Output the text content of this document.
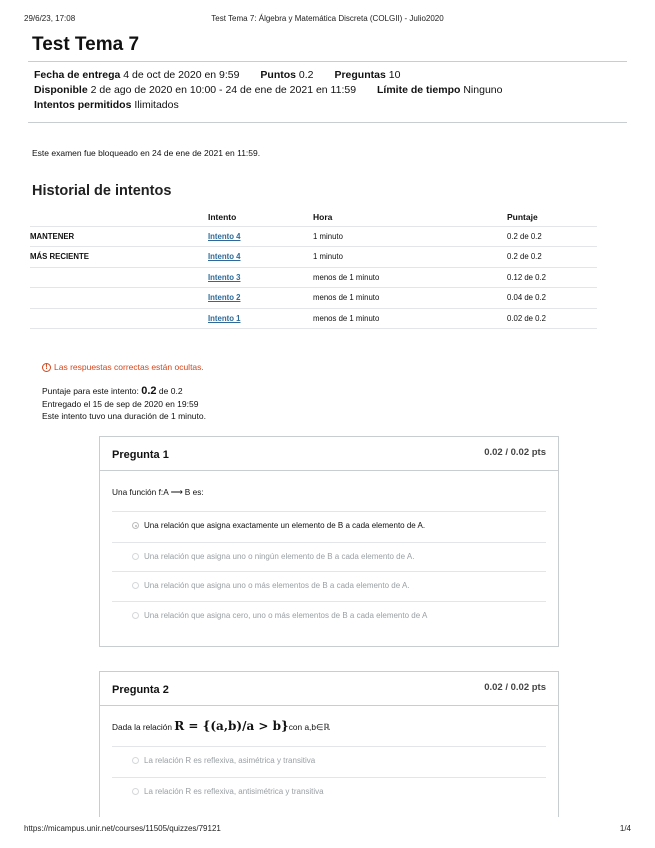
29/6/23, 17:08	Test Tema 7: Álgebra y Matemática Discreta (COLGII) - Julio2020
Test Tema 7
Fecha de entrega 4 de oct de 2020 en 9:59 Puntos 0.2 Preguntas 10
Disponible 2 de ago de 2020 en 10:00 - 24 de ene de 2021 en 11:59 Límite de tiempo Ninguno
Intentos permitidos Ilimitados
Este examen fue bloqueado en 24 de ene de 2021 en 11:59.
Historial de intentos
	Intento	Hora	Puntaje
MANTENER	Intento 4	1 minuto	0.2 de 0.2
MÁS RECIENTE	Intento 4	1 minuto	0.2 de 0.2
	Intento 3	menos de 1 minuto	0.12 de 0.2
	Intento 2	menos de 1 minuto	0.04 de 0.2
	Intento 1	menos de 1 minuto	0.02 de 0.2
! Las respuestas correctas están ocultas.
Puntaje para este intento: 0.2 de 0.2
Entregado el 15 de sep de 2020 en 19:59
Este intento tuvo una duración de 1 minuto.
Pregunta 1	0.02 / 0.02 pts
Una función f:A ⟶ B es:
Una relación que asigna exactamente un elemento de B a cada elemento de A.
Una relación que asigna uno o ningún elemento de B a cada elemento de A.
Una relación que asigna uno o más elementos de B a cada elemento de A.
Una relación que asigna cero, uno o más elementos de B a cada elemento de A
Pregunta 2	0.02 / 0.02 pts
Dada la relación R = {(a,b)/a > b}con a,b∈ℝ
La relación R es reflexiva, asimétrica y transitiva
La relación R es reflexiva, antisimétrica y transitiva
https://micampus.unir.net/courses/11505/quizzes/79121	1/4
